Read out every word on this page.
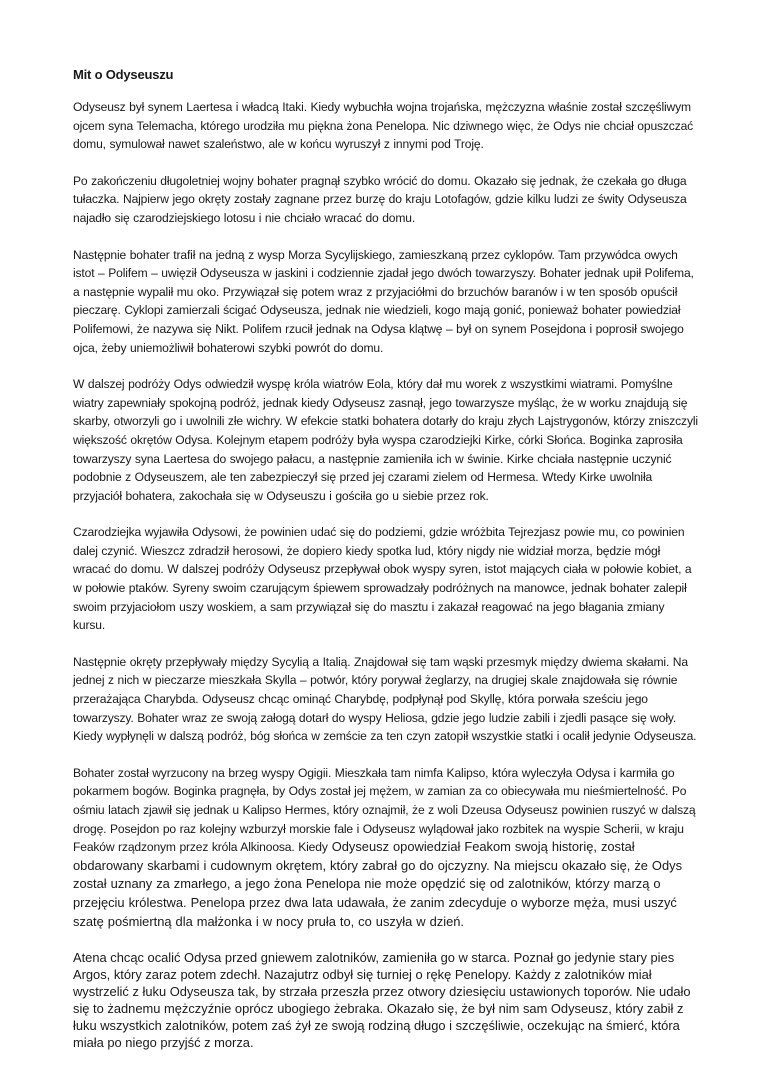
Mit o Odyseuszu

Odyseusz był synem Laertesa i władcą Itaki. Kiedy wybuchła wojna trojańska, mężczyzna właśnie został szczęśliwym ojcem syna Telemacha, którego urodziła mu piękna żona Penelopa. Nic dziwnego więc, że Odys nie chciał opuszczać domu, symulował nawet szaleństwo, ale w końcu wyruszył z innymi pod Troję.

Po zakończeniu długoletniej wojny bohater pragnął szybko wrócić do domu. Okazało się jednak, że czekała go długa tułaczka. Najpierw jego okręty zostały zagnane przez burzę do kraju Lotofagów, gdzie kilku ludzi ze świty Odyseusza najadło się czarodziejskiego lotosu i nie chciało wracać do domu.

Następnie bohater trafił na jedną z wysp Morza Sycylijskiego, zamieszkaną przez cyklopów. Tam przywódca owych istot – Polifem – uwięził Odyseusza w jaskini i codziennie zjadał jego dwóch towarzyszy. Bohater jednak upił Polifema, a następnie wypalił mu oko. Przywiązał się potem wraz z przyjaciółmi do brzuchów baranów i w ten sposób opuścił pieczarę. Cyklopi zamierzali ścigać Odyseusza, jednak nie wiedzieli, kogo mają gonić, ponieważ bohater powiedział Polifemowi, że nazywa się Nikt. Polifem rzucił jednak na Odysa klątwę – był on synem Posejdona i poprosił swojego ojca, żeby uniemożliwił bohaterowi szybki powrót do domu.

W dalszej podróży Odys odwiedził wyspę króla wiatrów Eola, który dał mu worek z wszystkimi wiatrami. Pomyślne wiatry zapewniały spokojną podróż, jednak kiedy Odyseusz zasnął, jego towarzysze myśląc, że w worku znajdują się skarby, otworzyli go i uwolnili złe wichry. W efekcie statki bohatera dotarły do kraju złych Lajstrygonów, którzy zniszczyli większość okrętów Odysa. Kolejnym etapem podróży była wyspa czarodziejki Kirke, córki Słońca. Boginka zaprosiła towarzyszy syna Laertesa do swojego pałacu, a następnie zamieniła ich w świnie. Kirke chciała następnie uczynić podobnie z Odyseuszem, ale ten zabezpieczył się przed jej czarami zielem od Hermesa. Wtedy Kirke uwolniła przyjaciół bohatera, zakochała się w Odyseuszu i gościła go u siebie przez rok.

Czarodziejka wyjawiła Odysowi, że powinien udać się do podziemi, gdzie wróżbita Tejrezjasz powie mu, co powinien dalej czynić. Wieszcz zdradził herosowi, że dopiero kiedy spotka lud, który nigdy nie widział morza, będzie mógł wracać do domu. W dalszej podróży Odyseusz przepływał obok wyspy syren, istot mających ciała w połowie kobiet, a w połowie ptaków. Syreny swoim czarującym śpiewem sprowadzały podróżnych na manowce, jednak bohater zalepił swoim przyjaciołom uszy woskiem, a sam przywiązał się do masztu i zakazał reagować na jego błagania zmiany kursu.

Następnie okręty przepływały między Sycylią a Italią. Znajdował się tam wąski przesmyk między dwiema skałami. Na jednej z nich w pieczarze mieszkała Skylla – potwór, który porywał żeglarzy, na drugiej skale znajdowała się równie przerażająca Charybda. Odyseusz chcąc ominąć Charybdę, podpłynął pod Skyllę, która porwała sześciu jego towarzyszy. Bohater wraz ze swoją załogą dotarł do wyspy Heliosa, gdzie jego ludzie zabili i zjedli pasące się woły. Kiedy wypłynęli w dalszą podróż, bóg słońca w zemście za ten czyn zatopił wszystkie statki i ocalił jedynie Odyseusza.

Bohater został wyrzucony na brzeg wyspy Ogigii. Mieszkała tam nimfa Kalipso, która wyleczyła Odysa i karmiła go pokarmem bogów. Boginka pragnęła, by Odys został jej mężem, w zamian za co obiecywała mu nieśmiertelność. Po ośmiu latach zjawił się jednak u Kalipso Hermes, który oznajmił, że z woli Dzeusa Odyseusz powinien ruszyć w dalszą drogę. Posejdon po raz kolejny wzburzył morskie fale i Odyseusz wylądował jako rozbitek na wyspie Scherii, w kraju Feaków rządzonym przez króla Alkinoosa. Kiedy Odyseusz opowiedział Feakom swoją historię, został obdarowany skarbami i cudownym okrętem, który zabrał go do ojczyzny. Na miejscu okazało się, że Odys został uznany za zmarłego, a jego żona Penelopa nie może opędzić się od zalotników, którzy marzą o przejęciu królestwa. Penelopa przez dwa lata udawała, że zanim zdecyduje o wyborze męża, musi uszyć szatę pośmiertną dla małżonka i w nocy pruła to, co uszyła w dzień.

Atena chcąc ocalić Odysa przed gniewem zalotników, zamieniła go w starca. Poznał go jedynie stary pies Argos, który zaraz potem zdechł. Nazajutrz odbył się turniej o rękę Penelopy. Każdy z zalotników miał wystrzelić z łuku Odyseusza tak, by strzała przeszła przez otwory dziesięciu ustawionych toporów. Nie udało się to żadnemu mężczyźnie oprócz ubogiego żebraka. Okazało się, że był nim sam Odyseusz, który zabił z łuku wszystkich zalotników, potem zaś żył ze swoją rodziną długo i szczęśliwie, oczekując na śmierć, która miała po niego przyjść z morza.
